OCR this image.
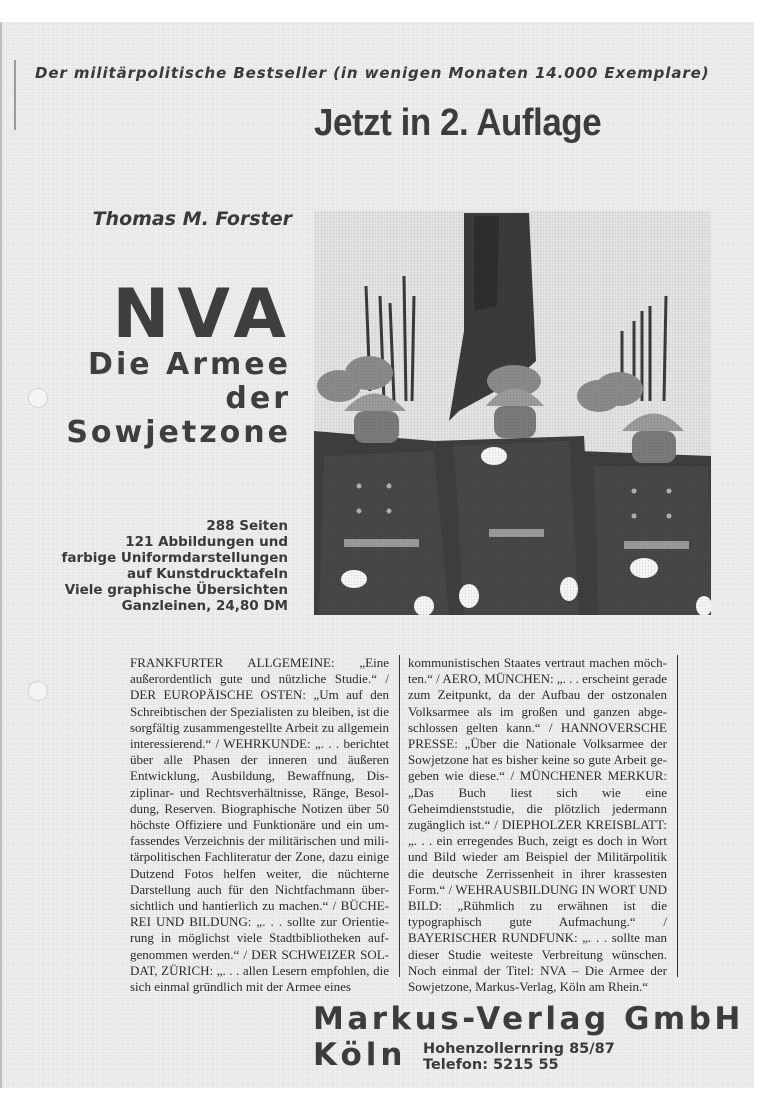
Der militärpolitische Bestseller (in wenigen Monaten 14.000 Exemplare)
Jetzt in 2. Auflage
Thomas M. Forster
NVA
Die Armee
der
Sowjetzone
288 Seiten
121 Abbildungen und
farbige Uniformdarstellungen
auf Kunstdrucktafeln
Viele graphische Übersichten
Ganzleinen, 24,80 DM
FRANKFURTER ALLGEMEINE: „Eine außerordentlich gute und nützliche Studie.“ / DER EUROPÄISCHE OSTEN: „Um auf den Schreibtischen der Spezialisten zu bleiben, ist die sorgfältig zusammengestellte Arbeit zu allgemein interessierend.“ / WEHRKUNDE: „. . . berichtet über alle Phasen der inneren und äußeren Entwicklung, Ausbildung, Bewaffnung, Disziplinar- und Rechtsverhältnisse, Ränge, Besoldung, Reserven. Biographische Notizen über 50 höchste Offiziere und Funktionäre und ein umfassendes Verzeichnis der militärischen und militärpolitischen Fachliteratur der Zone, dazu einige Dutzend Fotos helfen weiter, die nüchterne Darstellung auch für den Nichtfachmann übersichtlich und hantierlich zu machen.“ / BÜCHEREI UND BILDUNG: „. . . sollte zur Orientierung in möglichst viele Stadtbibliotheken aufgenommen werden.“ / DER SCHWEIZER SOLDAT, ZÜRICH: „. . . allen Lesern empfohlen, die sich einmal gründlich mit der Armee eines
kommunistischen Staates vertraut machen möchten.“ / AERO, MÜNCHEN: „. . . erscheint gerade zum Zeitpunkt, da der Aufbau der ostzonalen Volksarmee als im großen und ganzen abgeschlossen gelten kann.“ / HANNOVERSCHE PRESSE: „Über die Nationale Volksarmee der Sowjetzone hat es bisher keine so gute Arbeit gegeben wie diese.“ / MÜNCHENER MERKUR: „Das Buch liest sich wie eine Geheimdienststudie, die plötzlich jedermann zugänglich ist.“ / DIEPHOLZER KREISBLATT: „. . . ein erregendes Buch, zeigt es doch in Wort und Bild wieder am Beispiel der Militärpolitik die deutsche Zerrissenheit in ihrer krassesten Form.“ / WEHRAUSBILDUNG IN WORT UND BILD: „Rühmlich zu erwähnen ist die typographisch gute Aufmachung.“ / BAYERISCHER RUNDFUNK: „. . . sollte man dieser Studie weiteste Verbreitung wünschen. Noch einmal der Titel: NVA – Die Armee der Sowjetzone, Markus-Verlag, Köln am Rhein.“
Markus-Verlag GmbH
Köln Hohenzollernring 85/87
Telefon: 5215 55
